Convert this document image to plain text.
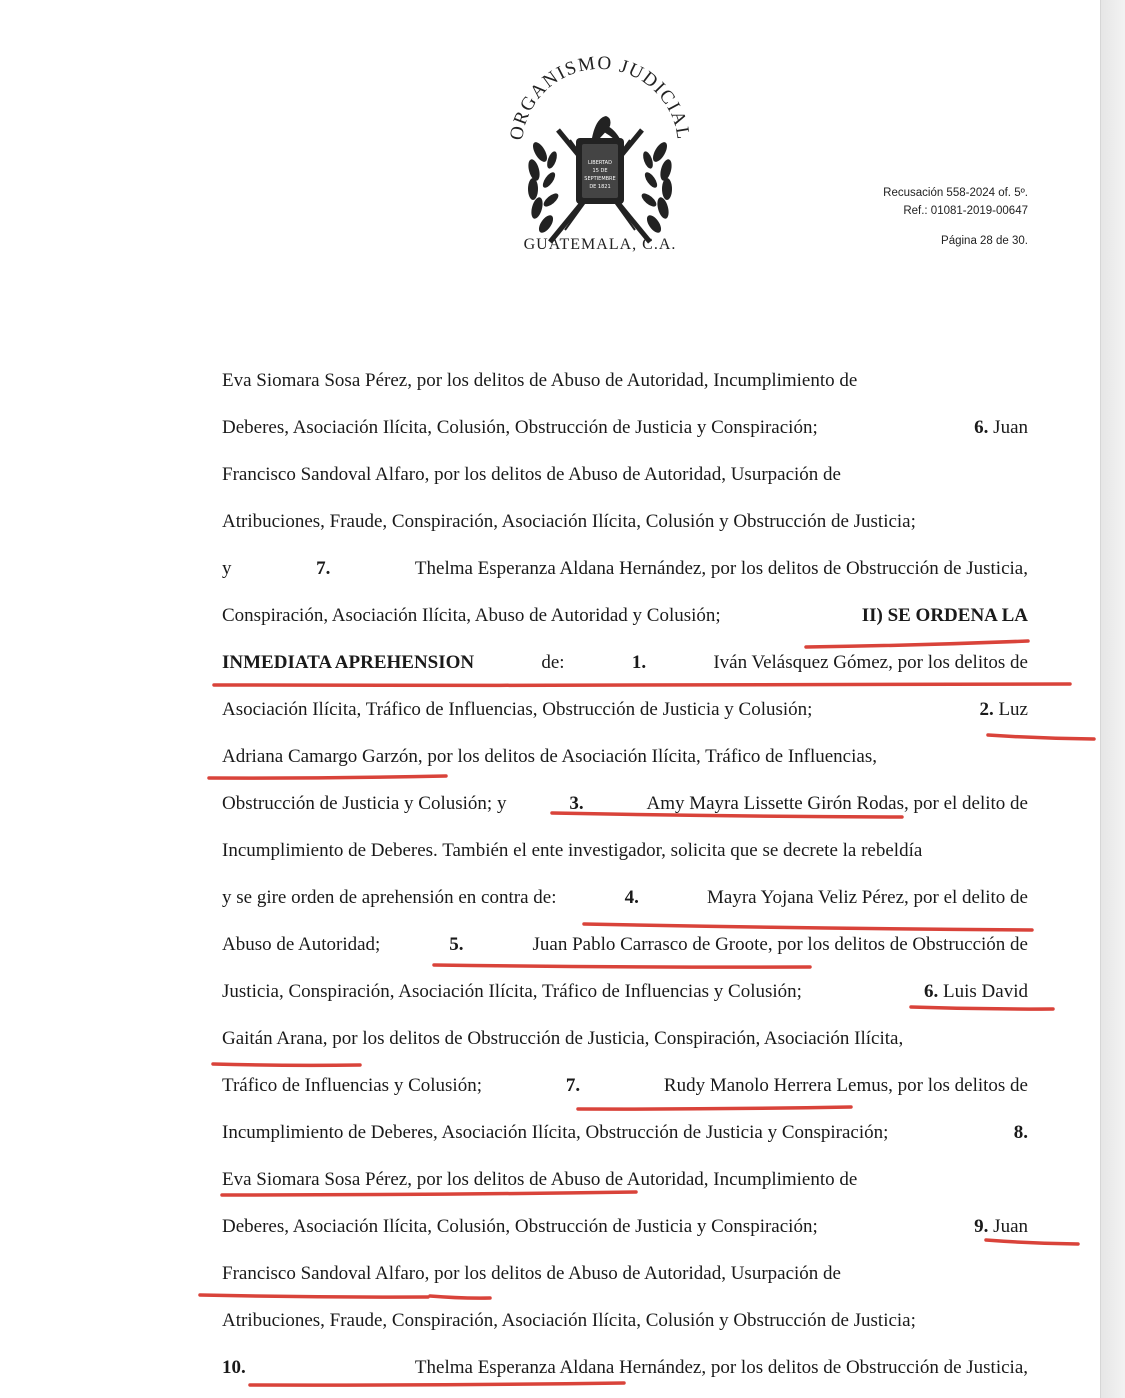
ORGANISMO JUDICIAL
LIBERTAD
15 DE
SEPTIEMBRE
DE 1821
GUATEMALA, C.A.
Recusación 558-2024 of. 5º.
Ref.: 01081-2019-00647
Página 28 de 30.
Eva Siomara Sosa Pérez, por los delitos de Abuso de Autoridad, Incumplimiento de
Deberes, Asociación Ilícita, Colusión, Obstrucción de Justicia y Conspiración;	6. Juan
Francisco Sandoval Alfaro, por los delitos de Abuso de Autoridad, Usurpación de
Atribuciones, Fraude, Conspiración, Asociación Ilícita, Colusión y Obstrucción de Justicia;
y	7.	Thelma Esperanza Aldana Hernández, por los delitos de Obstrucción de Justicia,
Conspiración, Asociación Ilícita, Abuso de Autoridad y Colusión;	II) SE ORDENA LA
INMEDIATA APREHENSION	de:	1.	Iván Velásquez Gómez, por los delitos de
Asociación Ilícita, Tráfico de Influencias, Obstrucción de Justicia y Colusión;	2. Luz
Adriana Camargo Garzón, por los delitos de Asociación Ilícita, Tráfico de Influencias,
Obstrucción de Justicia y Colusión; y	3.	Amy Mayra Lissette Girón Rodas, por el delito de
Incumplimiento de Deberes. También el ente investigador, solicita que se decrete la rebeldía
y se gire orden de aprehensión en contra de:	4.	Mayra Yojana Veliz Pérez, por el delito de
Abuso de Autoridad;	5.	Juan Pablo Carrasco de Groote, por los delitos de Obstrucción de
Justicia, Conspiración, Asociación Ilícita, Tráfico de Influencias y Colusión;	6. Luis David
Gaitán Arana, por los delitos de Obstrucción de Justicia, Conspiración, Asociación Ilícita,
Tráfico de Influencias y Colusión;	7.	Rudy Manolo Herrera Lemus, por los delitos de
Incumplimiento de Deberes, Asociación Ilícita, Obstrucción de Justicia y Conspiración;	8.
Eva Siomara Sosa Pérez, por los delitos de Abuso de Autoridad, Incumplimiento de
Deberes, Asociación Ilícita, Colusión, Obstrucción de Justicia y Conspiración;	9. Juan
Francisco Sandoval Alfaro, por los delitos de Abuso de Autoridad, Usurpación de
Atribuciones, Fraude, Conspiración, Asociación Ilícita, Colusión y Obstrucción de Justicia;
10.	Thelma Esperanza Aldana Hernández, por los delitos de Obstrucción de Justicia,
